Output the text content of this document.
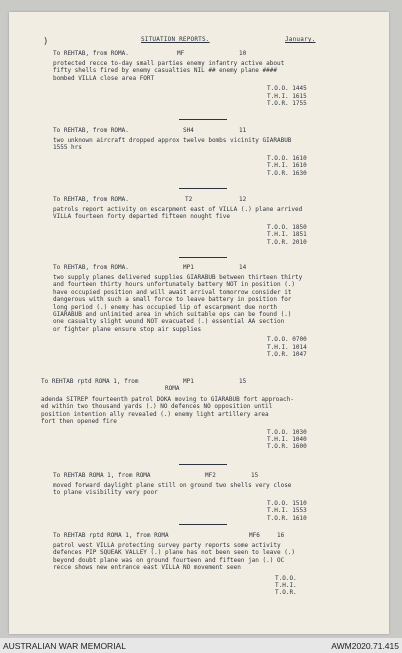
)	SITUATION REPORTS.	January.
To REHTAB, from ROMA.	MF	10
protected recce to-day small parties enemy infantry active about
fifty shells fired by enemy casualties NIL ## enemy plane ####
bombed VILLA close area FORT
T.O.O. 1445
T.H.I. 1615
T.O.R. 1755
To REHTAB, from ROMA.	SH4	11
two unknown aircraft dropped approx twelve bombs vicinity GIARABUB
1555 hrs
T.O.O. 1610
T.H.I. 1610
T.O.R. 1630
To REHTAB, from ROMA.	T2	12
patrols report activity on escarpment east of VILLA (.) plane arrived
VILLA fourteen forty departed fifteen nought five
T.O.O. 1850
T.H.I. 1851
T.O.R. 2010
To REHTAB, from ROMA.	MP1	14
two supply planes delivered supplies GIARABUB between thirteen thirty
and fourteen thirty hours unfortunately battery NOT in position (.)
have occupied position and will await arrival tomorrow consider it
dangerous with such a small force to leave battery in position for
long period (.) enemy has occupied lip of escarpment due north
GIARABUB and unlimited area in which suitable ops can be found (.)
one casualty slight wound NOT evacuated (.) essential AA section
or fighter plane ensure stop air supplies
T.O.O. 0700
T.H.I. 1014
T.O.R. 1047
To REHTAB rptd ROMA 1, from	MP1	15
ROMA
adenda SITREP fourteenth patrol DOKA moving to GIARABUB fort approach-
ed within two thousand yards (.) NO defences NO opposition until
position intention ally revealed (.) enemy light artillery area
fort then opened fire
T.O.O. 1030
T.H.I. 1040
T.O.R. 1600
To REHTAB ROMA 1, from ROMA	MF2	15
moved forward daylight plane still on ground two shells very close
to plane visibility very poor
T.O.O. 1510
T.H.I. 1553
T.O.R. 1610
To REHTAB rptd ROMA 1, from ROMA	MF6	16
patrol west VILLA protecting survey party reports some activity
defences PIP SQUEAK VALLEY (.) plane has not been seen to leave (.)
beyond doubt plane was on ground fourteen and fifteen jan (.) OC
recce shows new entrance east VILLA NO movement seen
T.O.O.
T.H.I.
T.O.R.
AUSTRALIAN WAR MEMORIAL	AWM2020.71.415
